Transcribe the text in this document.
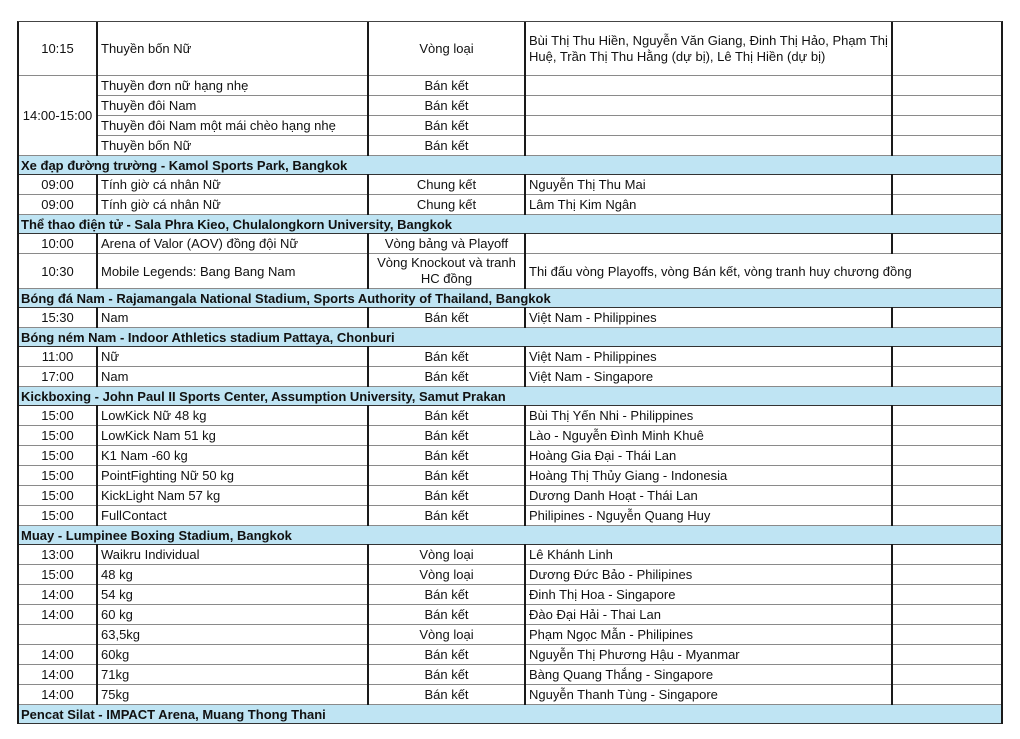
10:15	Thuyền bốn Nữ	Vòng loại	Bùi Thị Thu Hiền, Nguyễn Văn Giang, Đinh Thị Hảo, Phạm Thị Huệ, Trần Thị Thu Hằng (dự bị), Lê Thị Hiền (dự bị)	
14:00-15:00	Thuyền đơn nữ hạng nhẹ	Bán kết		
	Thuyền đôi Nam	Bán kết		
	Thuyền đôi Nam một mái chèo hạng nhẹ	Bán kết		
	Thuyền bốn Nữ	Bán kết		
Xe đạp đường trường - Kamol Sports Park, Bangkok				
09:00	Tính giờ cá nhân Nữ	Chung kết	Nguyễn Thị Thu Mai	
09:00	Tính giờ cá nhân Nữ	Chung kết	Lâm Thị Kim Ngân	
Thể thao điện tử - Sala Phra Kieo, Chulalongkorn University, Bangkok				
10:00	Arena of Valor (AOV) đồng đội Nữ	Vòng bảng và Playoff		
10:30	Mobile Legends: Bang Bang Nam	Vòng Knockout và tranh HC đồng	Thi đấu vòng Playoffs, vòng Bán kết, vòng tranh huy chương đồng	
Bóng đá Nam - Rajamangala National Stadium, Sports Authority of Thailand, Bangkok				
15:30	Nam	Bán kết	Việt Nam - Philippines	
Bóng ném Nam - Indoor Athletics stadium Pattaya, Chonburi				
11:00	Nữ	Bán kết	Việt Nam - Philippines	
17:00	Nam	Bán kết	Việt Nam - Singapore	
Kickboxing - John Paul II Sports Center, Assumption University, Samut Prakan				
15:00	LowKick Nữ 48 kg	Bán kết	Bùi Thị Yến Nhi - Philippines	
15:00	LowKick Nam 51 kg	Bán kết	Lào - Nguyễn Đình Minh Khuê	
15:00	K1 Nam -60 kg	Bán kết	Hoàng Gia Đại - Thái Lan	
15:00	PointFighting Nữ 50 kg	Bán kết	Hoàng Thị Thủy Giang - Indonesia	
15:00	KickLight Nam 57 kg	Bán kết	Dương Danh Hoạt - Thái Lan	
15:00	FullContact	Bán kết	Philipines - Nguyễn Quang Huy	
Muay - Lumpinee Boxing Stadium, Bangkok				
13:00	Waikru Individual	Vòng loại	Lê Khánh Linh	
15:00	48 kg	Vòng loại	Dương Đức Bảo - Philipines	
14:00	54 kg	Bán kết	Đinh Thị Hoa - Singapore	
14:00	60 kg	Bán kết	Đào Đại Hải - Thai Lan	
	63,5kg	Vòng loại	Phạm Ngọc Mẫn - Philipines	
14:00	60kg	Bán kết	Nguyễn Thị Phương Hậu - Myanmar	
14:00	71kg	Bán kết	Bàng Quang Thắng - Singapore	
14:00	75kg	Bán kết	Nguyễn Thanh Tùng - Singapore	
Pencat Silat - IMPACT Arena, Muang Thong Thani				
